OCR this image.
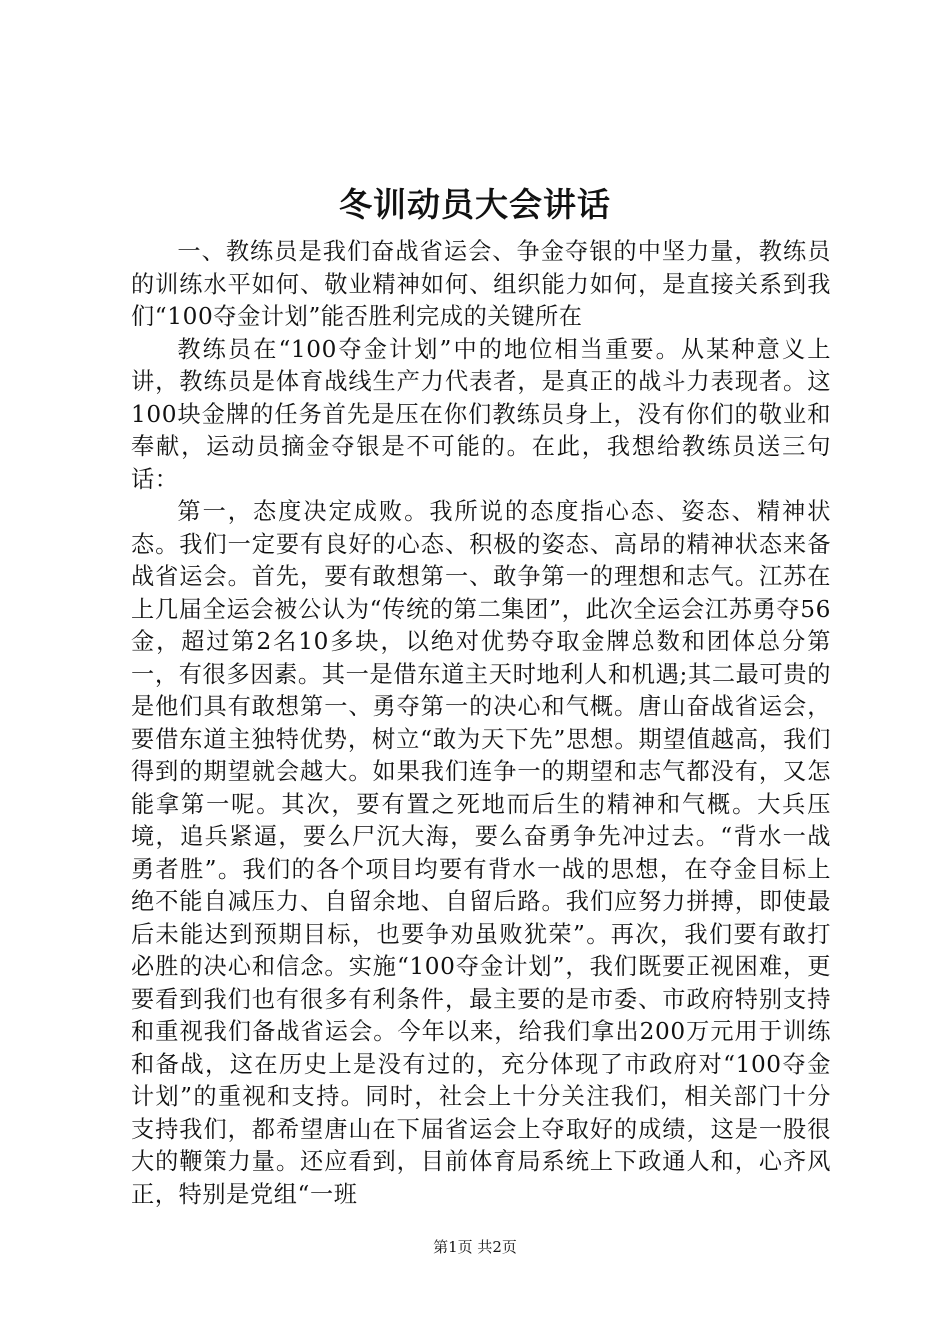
冬训动员大会讲话

一、教练员是我们奋战省运会、争金夺银的中坚力量，教练员的训练水平如何、敬业精神如何、组织能力如何，是直接关系到我们“100夺金计划”能否胜利完成的关键所在

教练员在“100夺金计划”中的地位相当重要。从某种意义上讲，教练员是体育战线生产力代表者，是真正的战斗力表现者。这100块金牌的任务首先是压在你们教练员身上，没有你们的敬业和奉献，运动员摘金夺银是不可能的。在此，我想给教练员送三句话：

第一，态度决定成败。我所说的态度指心态、姿态、精神状态。我们一定要有良好的心态、积极的姿态、高昂的精神状态来备战省运会。首先，要有敢想第一、敢争第一的理想和志气。江苏在上几届全运会被公认为“传统的第二集团”，此次全运会江苏勇夺56金，超过第2名10多块，以绝对优势夺取金牌总数和团体总分第一，有很多因素。其一是借东道主天时地利人和机遇;其二最可贵的是他们具有敢想第一、勇夺第一的决心和气概。唐山奋战省运会，要借东道主独特优势，树立“敢为天下先”思想。期望值越高，我们得到的期望就会越大。如果我们连争一的期望和志气都没有，又怎能拿第一呢。其次，要有置之死地而后生的精神和气概。大兵压境，追兵紧逼，要么尸沉大海，要么奋勇争先冲过去。“背水一战勇者胜”。我们的各个项目均要有背水一战的思想，在夺金目标上绝不能自减压力、自留余地、自留后路。我们应努力拼搏，即使最后未能达到预期目标，也要争劝虽败犹荣”。再次，我们要有敢打必胜的决心和信念。实施“100夺金计划”，我们既要正视困难，更要看到我们也有很多有利条件，最主要的是市委、市政府特别支持和重视我们备战省运会。今年以来，给我们拿出200万元用于训练和备战，这在历史上是没有过的，充分体现了市政府对“100夺金计划”的重视和支持。同时，社会上十分关注我们，相关部门十分支持我们，都希望唐山在下届省运会上夺取好的成绩，这是一股很大的鞭策力量。还应看到，目前体育局系统上下政通人和，心齐风正，特别是党组“一班

第1页 共2页
